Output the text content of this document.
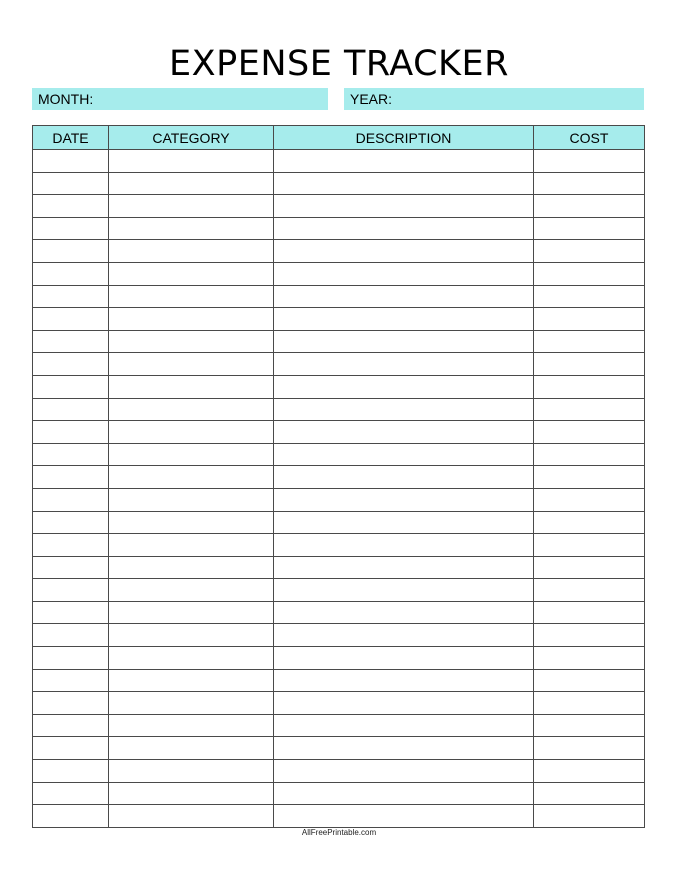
EXPENSE TRACKER
MONTH:	YEAR:
DATE	CATEGORY	DESCRIPTION	COST

AllFreePrintable.com
